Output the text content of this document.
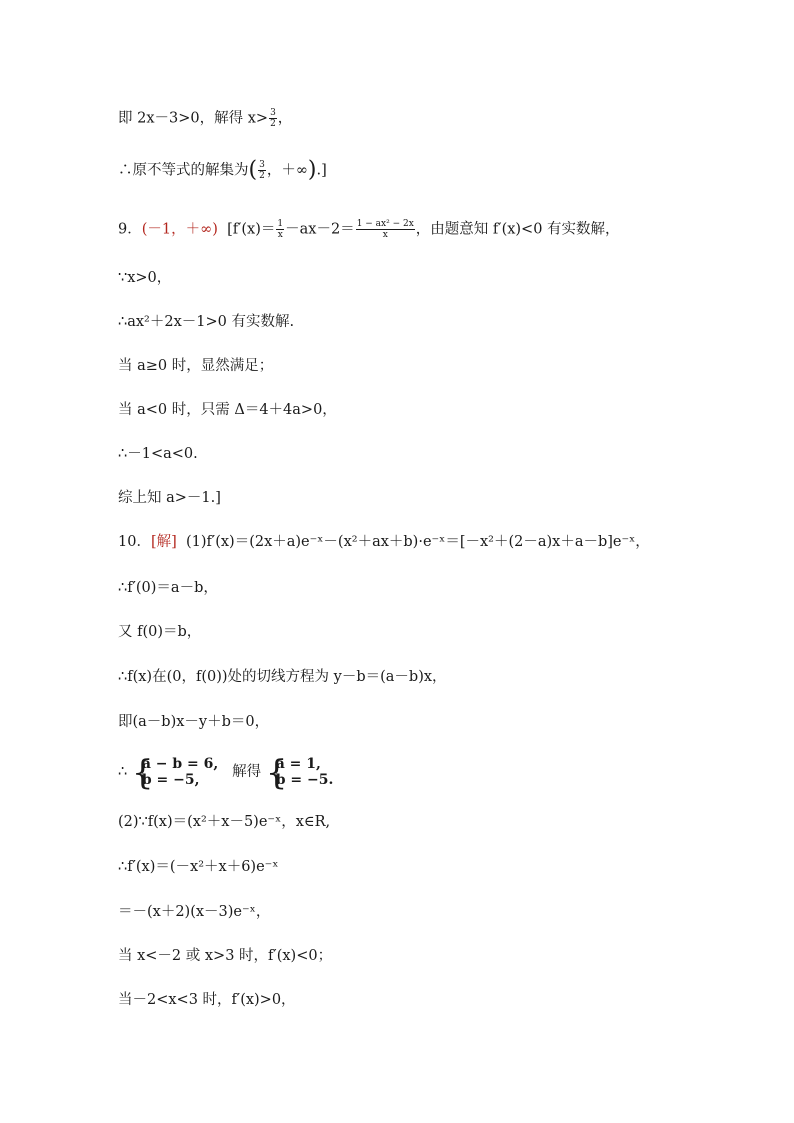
即 2x－3>0，解得 $x> \frac{3}{2}$ ，
∴原不等式的解集为( $\frac{3}{2}$ ，＋∞).]
9．(－1，＋∞) [$f'(x)= \frac{1}{x} -ax-2= \frac{\text{1 − ax² − 2x}}{x}$ ，由题意知 f′(x)<0 有实数解，
∵x>0，
∴ax²＋2x－1>0 有实数解.
当 a≥0 时，显然满足；
当 a<0 时，只需 Δ＝4＋4a>0，
∴－1<a<0.
综上知 a>－1.]
10．[解] (1)f′(x)＝(2x＋a)e⁻ˣ－(x²＋ax＋b)·e⁻ˣ＝[－x²＋(2－a)x＋a－b]e⁻ˣ，
∴f′(0)＝a－b，
又 f(0)＝b，
∴f(x)在(0，f(0))处的切线方程为 y－b＝(a－b)x，
即(a－b)x－y＋b＝0，
∴ {
a − b = 6,
b = −5,	解得 {
a = 1,
b = −5.
(2)∵f(x)＝(x²＋x－5)e⁻ˣ，x∈R,
∴f′(x)＝(－x²＋x＋6)e⁻ˣ
＝－(x＋2)(x－3)e⁻ˣ，
当 x<－2 或 x>3 时，f′(x)<0；
当－2<x<3 时，f′(x)>0，
